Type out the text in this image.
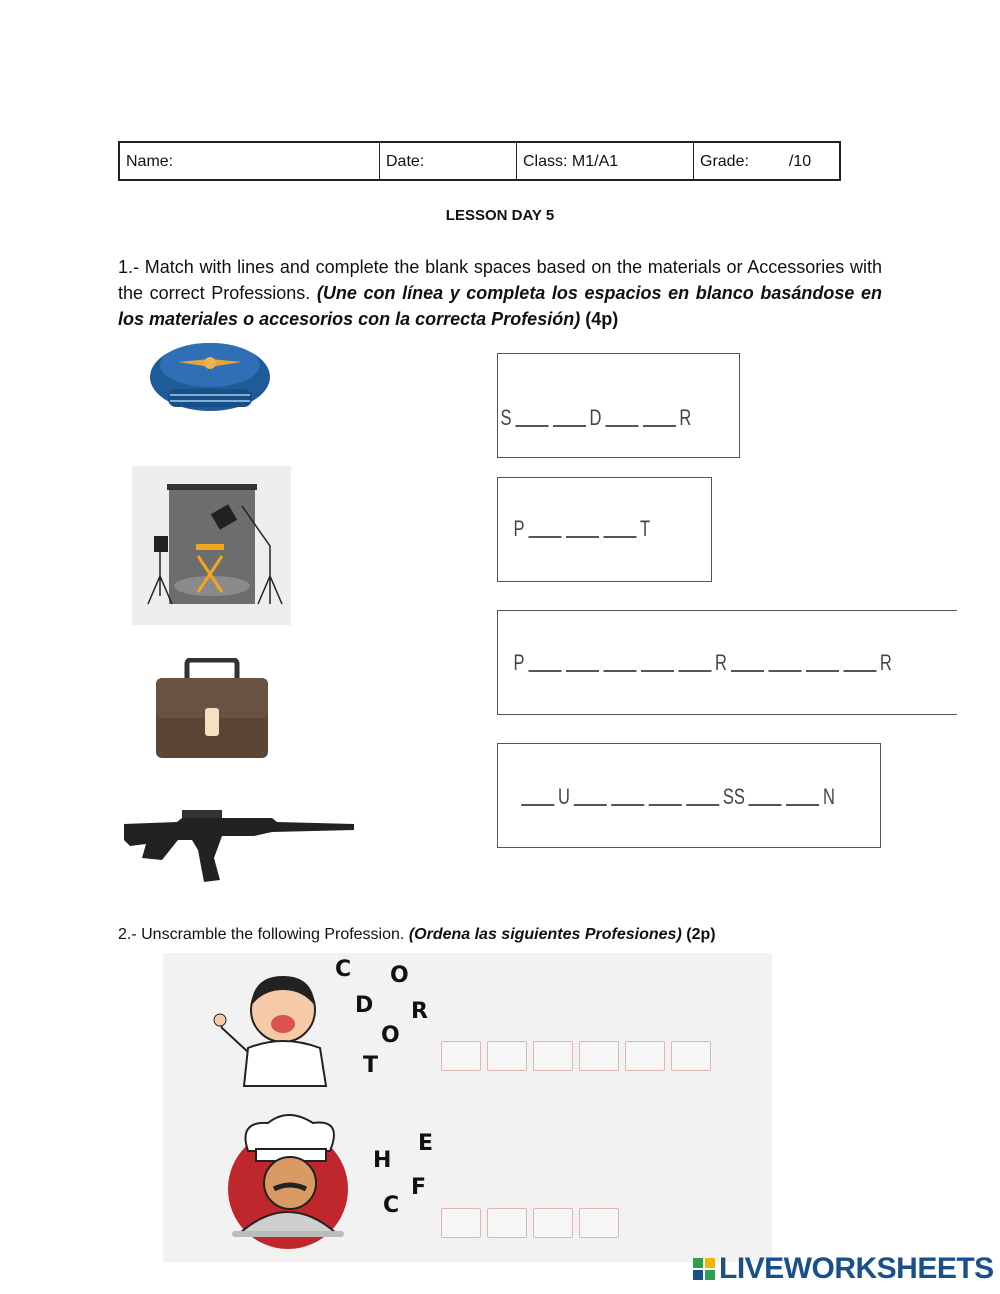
Name:	Date:	Class: M1/A1	Grade:	/10
LESSON DAY 5
1.- Match with lines and complete the blank spaces based on the materials or Accessories with the correct Professions. (Une con línea y completa los espacios en blanco basándose en los materiales o accesorios con la correcta Profesión) (4p)
S	D	R
P	T
P	R	R
U	SS	N
2.- Unscramble the following Profession. (Ordena las siguientes Profesiones) (2p)
C O
D R
O
T
E
H
F
C
LIVEWORKSHEETS
